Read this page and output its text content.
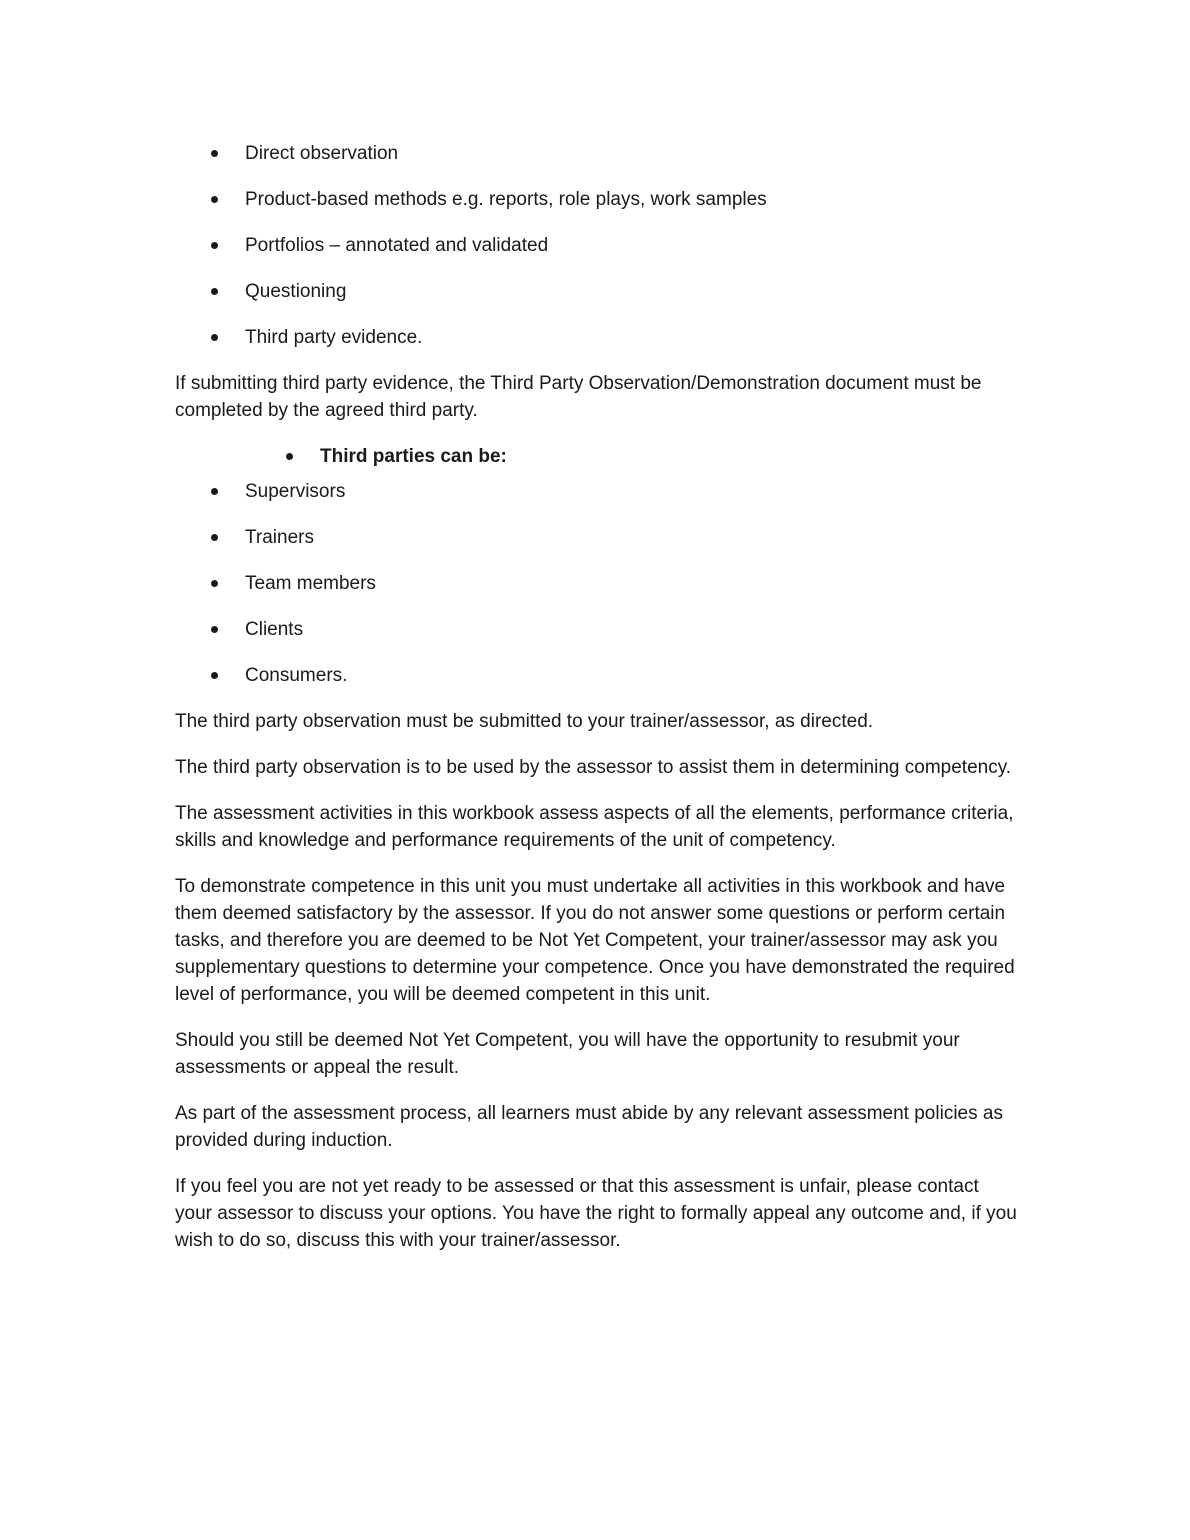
Direct observation
Product-based methods e.g. reports, role plays, work samples
Portfolios – annotated and validated
Questioning
Third party evidence.

If submitting third party evidence, the Third Party Observation/Demonstration document must be completed by the agreed third party.

Third parties can be:
Supervisors
Trainers
Team members
Clients
Consumers.

The third party observation must be submitted to your trainer/assessor, as directed.

The third party observation is to be used by the assessor to assist them in determining competency.

The assessment activities in this workbook assess aspects of all the elements, performance criteria, skills and knowledge and performance requirements of the unit of competency.

To demonstrate competence in this unit you must undertake all activities in this workbook and have them deemed satisfactory by the assessor. If you do not answer some questions or perform certain tasks, and therefore you are deemed to be Not Yet Competent, your trainer/assessor may ask you supplementary questions to determine your competence. Once you have demonstrated the required level of performance, you will be deemed competent in this unit.

Should you still be deemed Not Yet Competent, you will have the opportunity to resubmit your assessments or appeal the result.

As part of the assessment process, all learners must abide by any relevant assessment policies as provided during induction.

If you feel you are not yet ready to be assessed or that this assessment is unfair, please contact your assessor to discuss your options. You have the right to formally appeal any outcome and, if you wish to do so, discuss this with your trainer/assessor.
